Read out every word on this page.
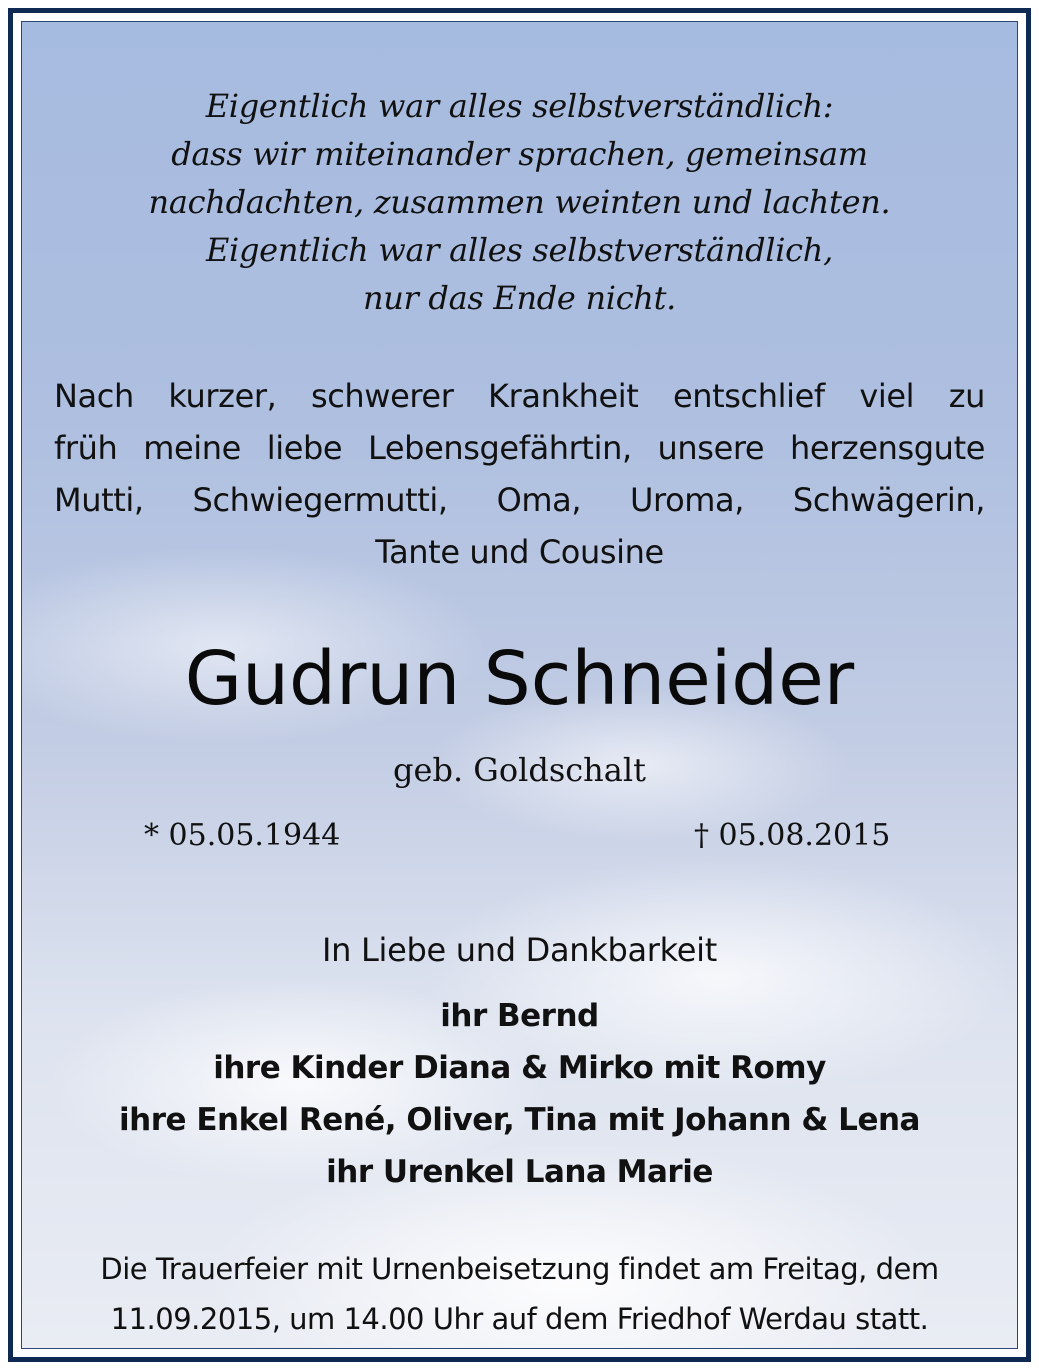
Eigentlich war alles selbstverständlich:
dass wir miteinander sprachen, gemeinsam
nachdachten, zusammen weinten und lachten.
Eigentlich war alles selbstverständlich,
nur das Ende nicht.
Nach kurzer, schwerer Krankheit entschlief viel zu
früh meine liebe Lebensgefährtin, unsere herzensgute
Mutti, Schwiegermutti, Oma, Uroma, Schwägerin,
Tante und Cousine
Gudrun Schneider
geb. Goldschalt
* 05.05.1944	† 05.08.2015
In Liebe und Dankbarkeit
ihr Bernd
ihre Kinder Diana & Mirko mit Romy
ihre Enkel René, Oliver, Tina mit Johann & Lena
ihr Urenkel Lana Marie
Die Trauerfeier mit Urnenbeisetzung findet am Freitag, dem
11.09.2015, um 14.00 Uhr auf dem Friedhof Werdau statt.
